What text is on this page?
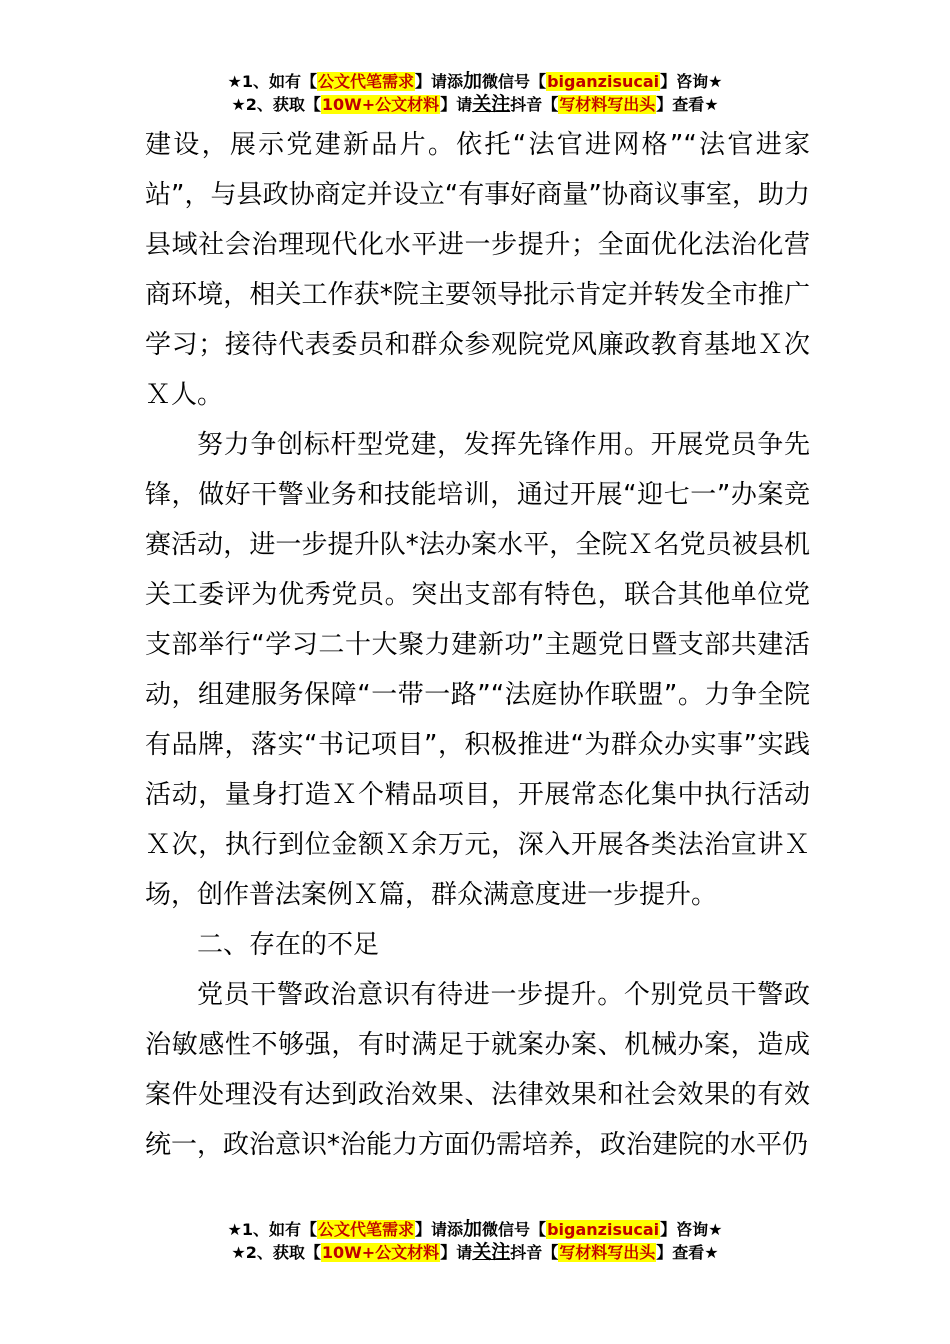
★1、如有【公文代笔需求】请添加微信号【biganzisucai】咨询★
★2、获取【10W+公文材料】请关注抖音【写材料写出头】查看★

建设，展示党建新品片。依托“法官进网格”“法官进家站”，与县政协商定并设立“有事好商量”协商议事室，助力县域社会治理现代化水平进一步提升；全面优化法治化营商环境，相关工作获*院主要领导批示肯定并转发全市推广学习；接待代表委员和群众参观院党风廉政教育基地Ｘ次Ｘ人。

努力争创标杆型党建，发挥先锋作用。开展党员争先锋，做好干警业务和技能培训，通过开展“迎七一”办案竞赛活动，进一步提升队*法办案水平，全院Ｘ名党员被县机关工委评为优秀党员。突出支部有特色，联合其他单位党支部举行“学习二十大聚力建新功”主题党日暨支部共建活动，组建服务保障“一带一路”“法庭协作联盟”。力争全院有品牌，落实“书记项目”，积极推进“为群众办实事”实践活动，量身打造Ｘ个精品项目，开展常态化集中执行活动Ｘ次，执行到位金额Ｘ余万元，深入开展各类法治宣讲Ｘ场，创作普法案例Ｘ篇，群众满意度进一步提升。

二、存在的不足

党员干警政治意识有待进一步提升。个别党员干警政治敏感性不够强，有时满足于就案办案、机械办案，造成案件处理没有达到政治效果、法律效果和社会效果的有效统一，政治意识*治能力方面仍需培养，政治建院的水平仍

★1、如有【公文代笔需求】请添加微信号【biganzisucai】咨询★
★2、获取【10W+公文材料】请关注抖音【写材料写出头】查看★
